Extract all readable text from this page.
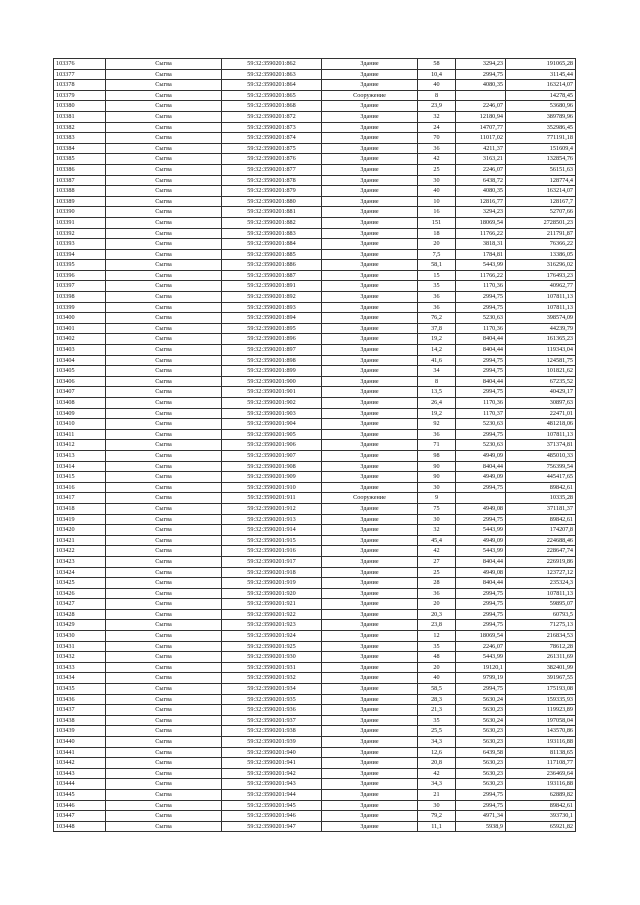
103376	Сыгва	59:32:3590201:862	Здание	58	3294,23	191065,28
103377	Сыгва	59:32:3590201:863	Здание	10,4	2994,75	31145,44
103378	Сыгва	59:32:3590201:864	Здание	40	4080,35	163214,07
103379	Сыгва	59:32:3590201:865	Сооружение	8		14278,45
103380	Сыгва	59:32:3590201:868	Здание	23,9	2246,07	53680,96
103381	Сыгва	59:32:3590201:872	Здание	32	12180,94	389789,96
103382	Сыгва	59:32:3590201:873	Здание	24	14707,77	352986,45
103383	Сыгва	59:32:3590201:874	Здание	70	11017,02	771191,18
103384	Сыгва	59:32:3590201:875	Здание	36	4211,37	151609,4
103385	Сыгва	59:32:3590201:876	Здание	42	3163,21	132854,76
103386	Сыгва	59:32:3590201:877	Здание	25	2246,07	56151,63
103387	Сыгва	59:32:3590201:878	Здание	30	6438,72	128774,4
103388	Сыгва	59:32:3590201:879	Здание	40	4080,35	163214,07
103389	Сыгва	59:32:3590201:880	Здание	10	12816,77	128167,7
103390	Сыгва	59:32:3590201:881	Здание	16	3294,23	52707,66
103391	Сыгва	59:32:3590201:882	Здание	151	18069,54	2728501,23
103392	Сыгва	59:32:3590201:883	Здание	18	11766,22	211791,87
103393	Сыгва	59:32:3590201:884	Здание	20	3818,31	76366,22
103394	Сыгва	59:32:3590201:885	Здание	7,5	1784,81	13386,05
103395	Сыгва	59:32:3590201:886	Здание	58,1	5443,99	316296,02
103396	Сыгва	59:32:3590201:887	Здание	15	11766,22	176493,23
103397	Сыгва	59:32:3590201:891	Здание	35	1170,36	40962,77
103398	Сыгва	59:32:3590201:892	Здание	36	2994,75	107811,13
103399	Сыгва	59:32:3590201:893	Здание	36	2994,75	107811,13
103400	Сыгва	59:32:3590201:894	Здание	76,2	5230,63	398574,09
103401	Сыгва	59:32:3590201:895	Здание	37,8	1170,36	44239,79
103402	Сыгва	59:32:3590201:896	Здание	19,2	8404,44	161365,23
103403	Сыгва	59:32:3590201:897	Здание	14,2	8404,44	119343,04
103404	Сыгва	59:32:3590201:898	Здание	41,6	2994,75	124581,75
103405	Сыгва	59:32:3590201:899	Здание	34	2994,75	101821,62
103406	Сыгва	59:32:3590201:900	Здание	8	8404,44	67235,52
103407	Сыгва	59:32:3590201:901	Здание	13,5	2994,75	40429,17
103408	Сыгва	59:32:3590201:902	Здание	26,4	1170,36	30897,63
103409	Сыгва	59:32:3590201:903	Здание	19,2	1170,37	22471,01
103410	Сыгва	59:32:3590201:904	Здание	92	5230,63	481218,06
103411	Сыгва	59:32:3590201:905	Здание	36	2994,75	107811,13
103412	Сыгва	59:32:3590201:906	Здание	71	5230,63	371374,81
103413	Сыгва	59:32:3590201:907	Здание	98	4949,09	485010,33
103414	Сыгва	59:32:3590201:908	Здание	90	8404,44	756399,54
103415	Сыгва	59:32:3590201:909	Здание	90	4949,09	445417,65
103416	Сыгва	59:32:3590201:910	Здание	30	2994,75	89842,61
103417	Сыгва	59:32:3590201:911	Сооружение	9		10335,28
103418	Сыгва	59:32:3590201:912	Здание	75	4949,08	371181,37
103419	Сыгва	59:32:3590201:913	Здание	30	2994,75	89842,61
103420	Сыгва	59:32:3590201:914	Здание	32	5443,99	174207,8
103421	Сыгва	59:32:3590201:915	Здание	45,4	4949,09	224688,46
103422	Сыгва	59:32:3590201:916	Здание	42	5443,99	228647,74
103423	Сыгва	59:32:3590201:917	Здание	27	8404,44	226919,86
103424	Сыгва	59:32:3590201:918	Здание	25	4949,08	123727,12
103425	Сыгва	59:32:3590201:919	Здание	28	8404,44	235324,3
103426	Сыгва	59:32:3590201:920	Здание	36	2994,75	107811,13
103427	Сыгва	59:32:3590201:921	Здание	20	2994,75	59895,07
103428	Сыгва	59:32:3590201:922	Здание	20,3	2994,75	60793,5
103429	Сыгва	59:32:3590201:923	Здание	23,8	2994,75	71275,13
103430	Сыгва	59:32:3590201:924	Здание	12	18069,54	216834,53
103431	Сыгва	59:32:3590201:925	Здание	35	2246,07	78612,28
103432	Сыгва	59:32:3590201:930	Здание	48	5443,99	261311,69
103433	Сыгва	59:32:3590201:931	Здание	20	19120,1	382401,99
103434	Сыгва	59:32:3590201:932	Здание	40	9799,19	391967,55
103435	Сыгва	59:32:3590201:934	Здание	58,5	2994,75	175193,08
103436	Сыгва	59:32:3590201:935	Здание	28,3	5630,24	159335,93
103437	Сыгва	59:32:3590201:936	Здание	21,3	5630,23	119923,89
103438	Сыгва	59:32:3590201:937	Здание	35	5630,24	197058,04
103439	Сыгва	59:32:3590201:938	Здание	25,5	5630,23	143570,86
103440	Сыгва	59:32:3590201:939	Здание	34,3	5630,23	193116,88
103441	Сыгва	59:32:3590201:940	Здание	12,6	6439,58	81138,65
103442	Сыгва	59:32:3590201:941	Здание	20,8	5630,23	117108,77
103443	Сыгва	59:32:3590201:942	Здание	42	5630,23	236469,64
103444	Сыгва	59:32:3590201:943	Здание	34,3	5630,23	193116,88
103445	Сыгва	59:32:3590201:944	Здание	21	2994,75	62889,82
103446	Сыгва	59:32:3590201:945	Здание	30	2994,75	89842,61
103447	Сыгва	59:32:3590201:946	Здание	79,2	4971,34	393730,1
103448	Сыгва	59:32:3590201:947	Здание	11,1	5938,9	65921,82
